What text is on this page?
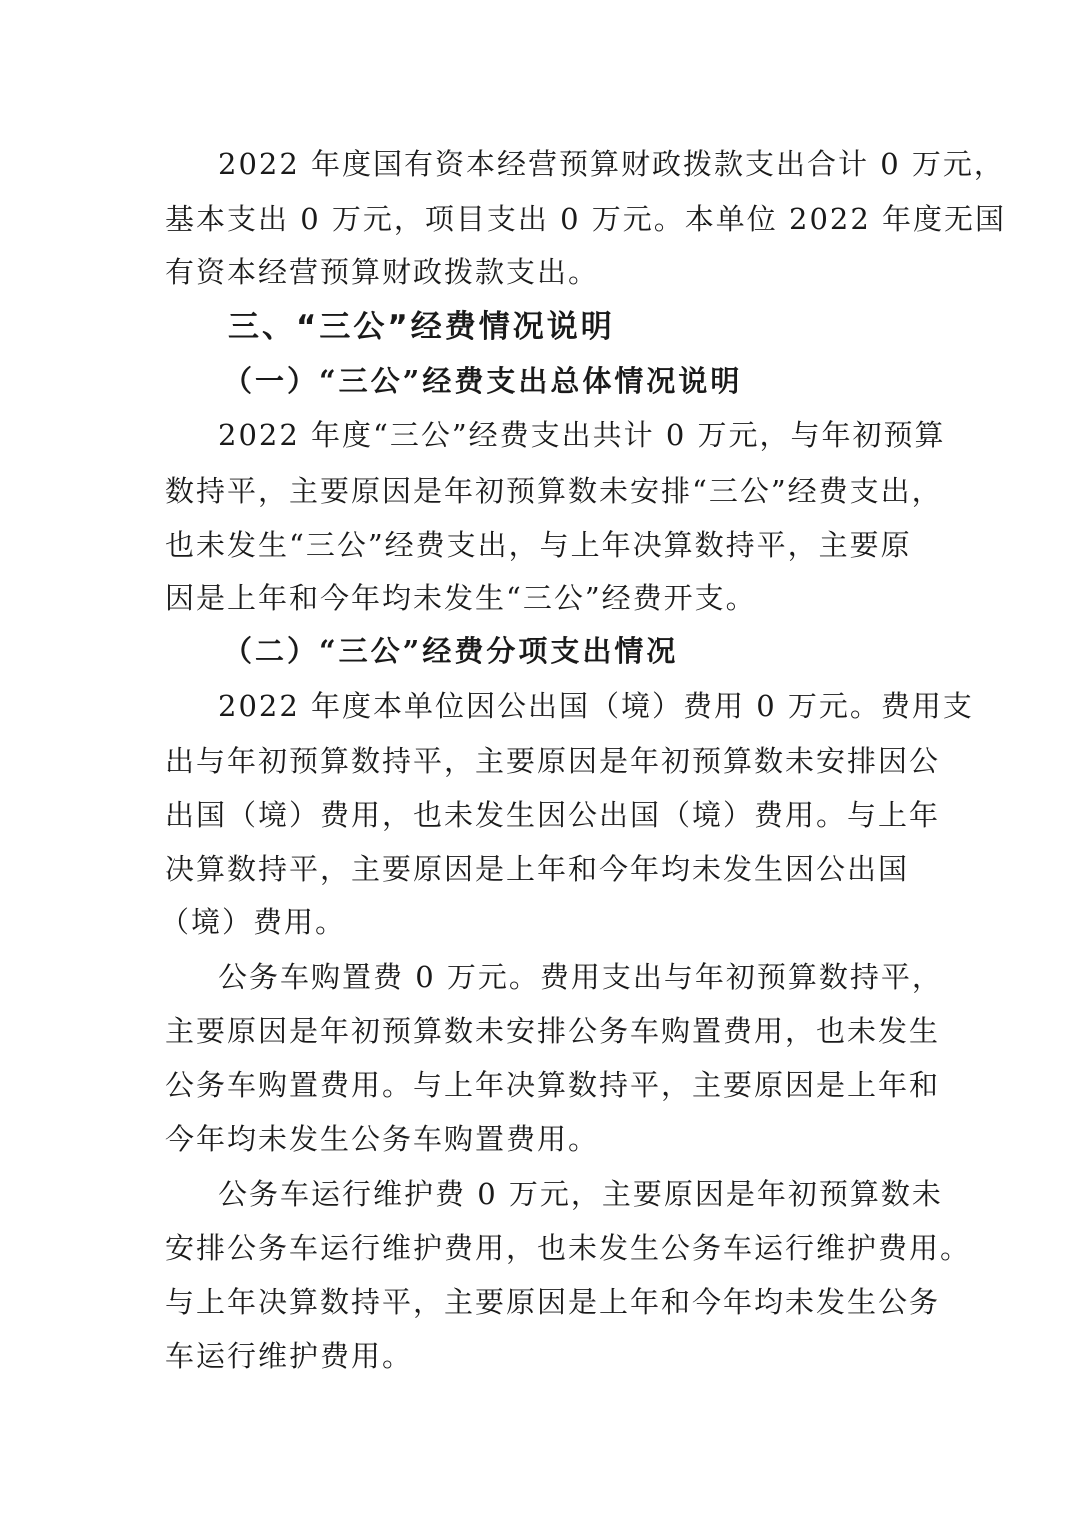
2022 年度国有资本经营预算财政拨款支出合计 0 万元，
基本支出 0 万元，项目支出 0 万元。本单位 2022 年度无国
有资本经营预算财政拨款支出。
三、“三公”经费情况说明
（一）“三公”经费支出总体情况说明
2022 年度“三公”经费支出共计 0 万元，与年初预算
数持平，主要原因是年初预算数未安排“三公”经费支出，
也未发生“三公”经费支出，与上年决算数持平，主要原
因是上年和今年均未发生“三公”经费开支。
（二）“三公”经费分项支出情况
2022 年度本单位因公出国（境）费用 0 万元。费用支
出与年初预算数持平，主要原因是年初预算数未安排因公
出国（境）费用，也未发生因公出国（境）费用。与上年
决算数持平，主要原因是上年和今年均未发生因公出国
（境）费用。
公务车购置费 0 万元。费用支出与年初预算数持平，
主要原因是年初预算数未安排公务车购置费用，也未发生
公务车购置费用。与上年决算数持平，主要原因是上年和
今年均未发生公务车购置费用。
公务车运行维护费 0 万元，主要原因是年初预算数未
安排公务车运行维护费用，也未发生公务车运行维护费用。
与上年决算数持平，主要原因是上年和今年均未发生公务
车运行维护费用。
